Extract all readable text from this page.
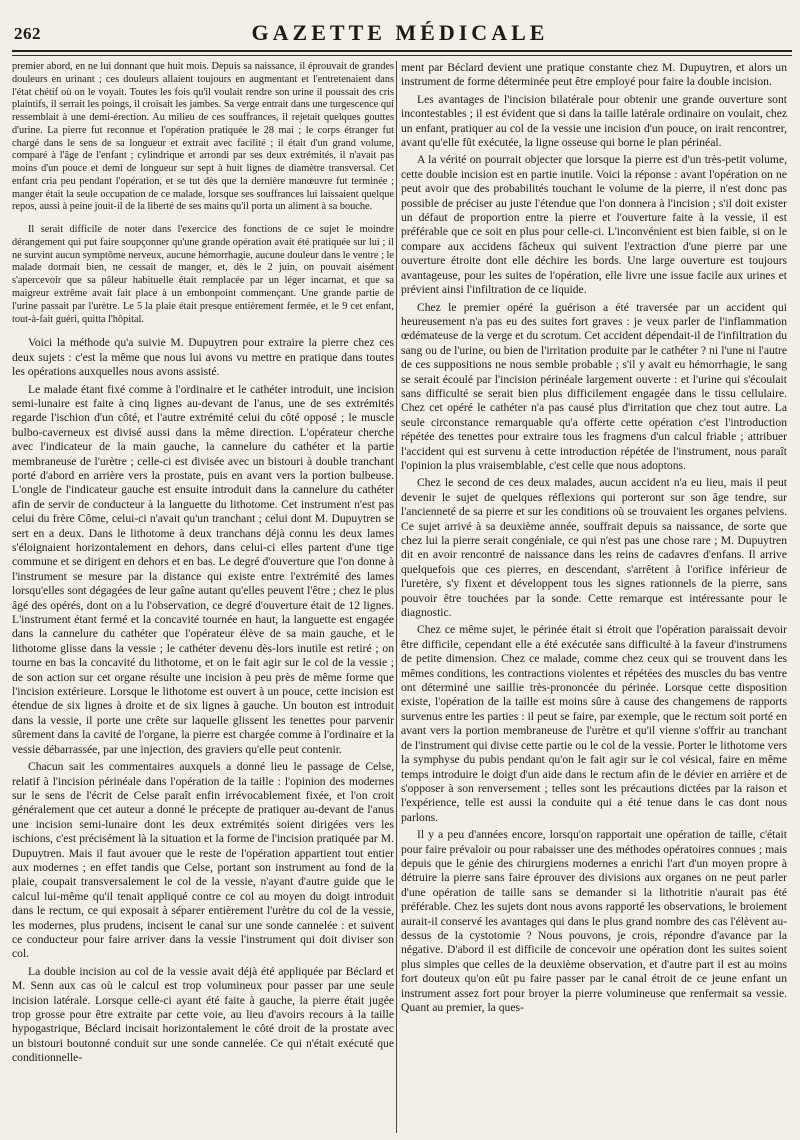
262	GAZETTE MÉDICALE

premier abord, en ne lui donnant que huit mois. Depuis sa naissance, il éprouvait de grandes douleurs en urinant ; ces douleurs allaient toujours en augmentant et l'entretenaient dans l'état chétif où on le voyait. Toutes les fois qu'il voulait rendre son urine il poussait des cris plaintifs, il serrait les poings, il croisait les jambes. Sa verge entrait dans une turgescence qui ressemblait à une demi-érection. Au milieu de ces souffrances, il rejetait quelques gouttes d'urine. La pierre fut reconnue et l'opération pratiquée le 28 mai ; le corps étranger fut chargé dans le sens de sa longueur et extrait avec facilité ; il était d'un grand volume, comparé à l'âge de l'enfant ; cylindrique et arrondi par ses deux extrémités, il n'avait pas moins d'un pouce et demi de longueur sur sept à huit lignes de diamètre transversal. Cet enfant cria peu pendant l'opération, et se tut dès que la dernière manœuvre fut terminée ; manger était la seule occupation de ce malade, lorsque ses souffrances lui laissaient quelque repos, aussi à peine jouit-il de la liberté de ses mains qu'il porta un aliment à sa bouche.

Il serait difficile de noter dans l'exercice des fonctions de ce sujet le moindre dérangement qui put faire soupçonner qu'une grande opération avait été pratiquée sur lui ; il ne survint aucun symptôme nerveux, aucune hémorrhagie, aucune douleur dans le ventre ; le malade dormait bien, ne cessait de manger, et, dès le 2 juin, on pouvait aisément s'apercevoir que sa pâleur habituelle était remplacée par un léger incarnat, et que sa maigreur extrême avait fait place à un embonpoint commençant. Une grande partie de l'urine passait par l'urètre. Le 5 la plaie était presque entièrement fermée, et le 9 cet enfant, tout-à-fait guéri, quitta l'hôpital.

Voici la méthode qu'a suivie M. Dupuytren pour extraire la pierre chez ces deux sujets : c'est la même que nous lui avons vu mettre en pratique dans toutes les opérations auxquelles nous avons assisté.

Le malade étant fixé comme à l'ordinaire et le cathéter introduit, une incision semi-lunaire est faite à cinq lignes au-devant de l'anus, une de ses extrémités regarde l'ischion d'un côté, et l'autre extrémité celui du côté opposé ; le muscle bulbo-caverneux est divisé aussi dans la même direction. L'opérateur cherche avec l'indicateur de la main gauche, la cannelure du cathéter et la partie membraneuse de l'urètre ; celle-ci est divisée avec un bistouri à double tranchant porté d'abord en arrière vers la prostate, puis en avant vers la portion bulbeuse. L'ongle de l'indicateur gauche est ensuite introduit dans la cannelure du cathéter afin de servir de conducteur à la languette du lithotome. Cet instrument n'est pas celui du frère Côme, celui-ci n'avait qu'un tranchant ; celui dont M. Dupuytren se sert en a deux. Dans le lithotome à deux tranchans déjà connu les deux lames s'éloignaient horizontalement en dehors, dans celui-ci elles partent d'une tige commune et se dirigent en dehors et en bas. Le degré d'ouverture que l'on donne à l'instrument se mesure par la distance qui existe entre l'extrémité des lames lorsqu'elles sont dégagées de leur gaîne autant qu'elles peuvent l'être ; chez le plus âgé des opérés, dont on a lu l'observation, ce degré d'ouverture était de 12 lignes. L'instrument étant fermé et la concavité tournée en haut, la languette est engagée dans la cannelure du cathéter que l'opérateur élève de sa main gauche, et le lithotome glisse dans la vessie ; le cathéter devenu dès-lors inutile est retiré ; on tourne en bas la concavité du lithotome, et on le fait agir sur le col de la vessie ; de son action sur cet organe résulte une incision à peu près de même forme que l'incision extérieure. Lorsque le lithotome est ouvert à un pouce, cette incision est étendue de six lignes à droite et de six lignes à gauche. Un bouton est introduit dans la vessie, il porte une crête sur laquelle glissent les tenettes pour parvenir sûrement dans la cavité de l'organe, la pierre est chargée comme à l'ordinaire et la vessie débarrassée, par une injection, des graviers qu'elle peut contenir.

Chacun sait les commentaires auxquels a donné lieu le passage de Celse, relatif à l'incision périnéale dans l'opération de la taille : l'opinion des modernes sur le sens de l'écrit de Celse paraît enfin irrévocablement fixée, et l'on croit généralement que cet auteur a donné le précepte de pratiquer au-devant de l'anus une incision semi-lunaire dont les deux extrémités soient dirigées vers les ischions, c'est précisément là la situation et la forme de l'incision pratiquée par M. Dupuytren. Mais il faut avouer que le reste de l'opération appartient tout entier aux modernes ; en effet tandis que Celse, portant son instrument au fond de la plaie, coupait transversalement le col de la vessie, n'ayant d'autre guide que le calcul lui-même qu'il tenait appliqué contre ce col au moyen du doigt introduit dans le rectum, ce qui exposait à séparer entièrement l'urètre du col de la vessie, les modernes, plus prudens, incisent le canal sur une sonde cannelée : et suivent ce conducteur pour faire arriver dans la vessie l'instrument qui doit diviser son col.

La double incision au col de la vessie avait déjà été appliquée par Béclard et M. Senn aux cas où le calcul est trop volumineux pour passer par une seule incision latérale. Lorsque celle-ci ayant été faite à gauche, la pierre était jugée trop grosse pour être extraite par cette voie, au lieu d'avoirs recours à la taille hypogastrique, Béclard incisait horizontalement le côté droit de la prostate avec un bistouri boutonné conduit sur une sonde cannelée. Ce qui n'était exécuté que conditionnelle-

ment par Béclard devient une pratique constante chez M. Dupuytren, et alors un instrument de forme déterminée peut être employé pour faire la double incision.

Les avantages de l'incision bilatérale pour obtenir une grande ouverture sont incontestables ; il est évident que si dans la taille latérale ordinaire on voulait, chez un enfant, pratiquer au col de la vessie une incision d'un pouce, on irait rencontrer, avant qu'elle fût exécutée, la ligne osseuse qui borne le plan périnéal.

A la vérité on pourrait objecter que lorsque la pierre est d'un très-petit volume, cette double incision est en partie inutile. Voici la réponse : avant l'opération on ne peut avoir que des probabilités touchant le volume de la pierre, il n'est donc pas possible de préciser au juste l'étendue que l'on donnera à l'incision ; s'il doit exister un défaut de proportion entre la pierre et l'ouverture faite à la vessie, il est préférable que ce soit en plus pour celle-ci. L'inconvénient est bien faible, si on le compare aux accidens fâcheux qui suivent l'extraction d'une pierre par une ouverture étroite dont elle déchire les bords. Une large ouverture est toujours avantageuse, pour les suites de l'opération, elle livre une issue facile aux urines et prévient ainsi l'infiltration de ce liquide.

Chez le premier opéré la guérison a été traversée par un accident qui heureusement n'a pas eu des suites fort graves : je veux parler de l'inflammation œdémateuse de la verge et du scrotum. Cet accident dépendait-il de l'infiltration du sang ou de l'urine, ou bien de l'irritation produite par le cathéter ? ni l'une ni l'autre de ces suppositions ne nous semble probable ; s'il y avait eu hémorrhagie, le sang se serait écoulé par l'incision périnéale largement ouverte : et l'urine qui s'écoulait sans difficulté se serait bien plus difficilement engagée dans le tissu cellulaire. Chez cet opéré le cathéter n'a pas causé plus d'irritation que chez tout autre. La seule circonstance remarquable qu'a offerte cette opération c'est l'introduction répétée des tenettes pour extraire tous les fragmens d'un calcul friable ; attribuer l'accident qui est survenu à cette introduction répétée de l'instrument, nous paraît l'opinion la plus vraisemblable, c'est celle que nous adoptons.

Chez le second de ces deux malades, aucun accident n'a eu lieu, mais il peut devenir le sujet de quelques réflexions qui porteront sur son âge tendre, sur l'ancienneté de sa pierre et sur les conditions où se trouvaient les organes pelviens. Ce sujet arrivé à sa deuxième année, souffrait depuis sa naissance, de sorte que chez lui la pierre serait congéniale, ce qui n'est pas une chose rare ; M. Dupuytren dit en avoir rencontré de naissance dans les reins de cadavres d'enfans. Il arrive quelquefois que ces pierres, en descendant, s'arrêtent à l'orifice inférieur de l'uretère, s'y fixent et développent tous les signes rationnels de la pierre, sans pouvoir être touchées par la sonde. Cette remarque est intéressante pour le diagnostic.

Chez ce même sujet, le périnée était si étroit que l'opération paraissait devoir être difficile, cependant elle a été exécutée sans difficulté à la faveur d'instrumens de petite dimension. Chez ce malade, comme chez ceux qui se trouvent dans les mêmes conditions, les contractions violentes et répétées des muscles du bas ventre ont déterminé une saillie très-prononcée du périnée. Lorsque cette disposition existe, l'opération de la taille est moins sûre à cause des changemens de rapports survenus entre les parties : il peut se faire, par exemple, que le rectum soit porté en avant vers la portion membraneuse de l'urètre et qu'il vienne s'offrir au tranchant de l'instrument qui divise cette partie ou le col de la vessie. Porter le lithotome vers la symphyse du pubis pendant qu'on le fait agir sur le col vésical, faire en même temps introduire le doigt d'un aide dans le rectum afin de le dévier en arrière et de s'opposer à son renversement ; telles sont les précautions dictées par la raison et l'expérience, telle est aussi la conduite qui a été tenue dans le cas dont nous parlons.

Il y a peu d'années encore, lorsqu'on rapportait une opération de taille, c'était pour faire prévaloir ou pour rabaisser une des méthodes opératoires connues ; mais depuis que le génie des chirurgiens modernes a enrichi l'art d'un moyen propre à détruire la pierre sans faire éprouver des divisions aux organes on ne peut parler d'une opération de taille sans se demander si la lithotritie n'aurait pas été préférable. Chez les sujets dont nous avons rapporté les observations, le broiement aurait-il conservé les avantages qui dans le plus grand nombre des cas l'élèvent au-dessus de la cystotomie ? Nous pouvons, je crois, répondre d'avance par la négative. D'abord il est difficile de concevoir une opération dont les suites soient plus simples que celles de la deuxième observation, et d'autre part il est au moins fort douteux qu'on eût pu faire passer par le canal étroit de ce jeune enfant un instrument assez fort pour broyer la pierre volumineuse que renfermait sa vessie. Quant au premier, la ques-
